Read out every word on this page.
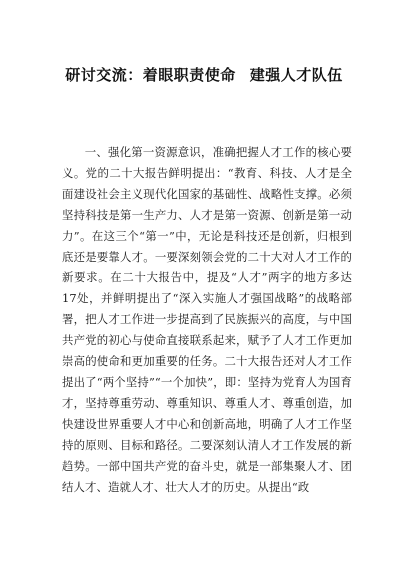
研讨交流：着眼职责使命 建强人才队伍

一、强化第一资源意识，准确把握人才工作的核心要义。党的二十大报告鲜明提出：“教育、科技、人才是全面建设社会主义现代化国家的基础性、战略性支撑。必须坚持科技是第一生产力、人才是第一资源、创新是第一动力”。在这三个“第一”中，无论是科技还是创新，归根到底还是要靠人才。一要深刻领会党的二十大对人才工作的新要求。在二十大报告中，提及“人才”两字的地方多达17处，并鲜明提出了“深入实施人才强国战略”的战略部署，把人才工作进一步提高到了民族振兴的高度，与中国共产党的初心与使命直接联系起来，赋予了人才工作更加崇高的使命和更加重要的任务。二十大报告还对人才工作提出了“两个坚持”“一个加快”，即：坚持为党育人为国育才，坚持尊重劳动、尊重知识、尊重人才、尊重创造，加快建设世界重要人才中心和创新高地，明确了人才工作坚持的原则、目标和路径。二要深刻认清人才工作发展的新趋势。一部中国共产党的奋斗史，就是一部集聚人才、团结人才、造就人才、壮大人才的历史。从提出“政
